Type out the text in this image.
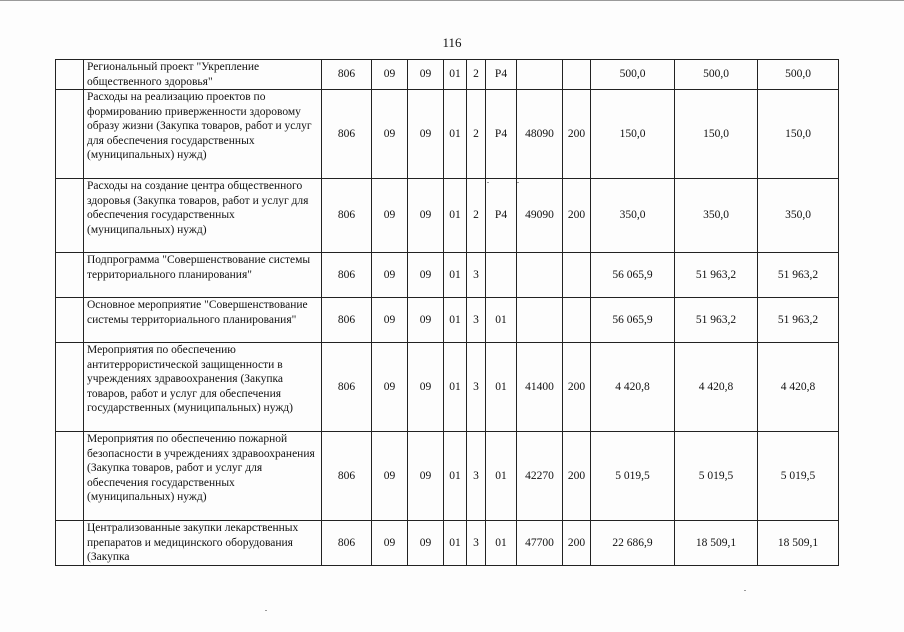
116
	Региональный проект "Укрепление общественного здоровья"	806	09	09	01	2	P4			500,0	500,0	500,0
	Расходы на реализацию проектов по формированию приверженности здоровому образу жизни (Закупка товаров, работ и услуг для обеспечения государственных (муниципальных) нужд)	806	09	09	01	2	P4	48090	200	150,0	150,0	150,0
	Расходы на создание центра общественного здоровья (Закупка товаров, работ и услуг для обеспечения государственных (муниципальных) нужд)	806	09	09	01	2	P4	49090	200	350,0	350,0	350,0
	Подпрограмма "Совершенствование системы территориального планирования"	806	09	09	01	3				56 065,9	51 963,2	51 963,2
	Основное мероприятие "Совершенствование системы территориального планирования"	806	09	09	01	3	01			56 065,9	51 963,2	51 963,2
	Мероприятия по обеспечению антитеррористической защищенности в учреждениях здравоохранения (Закупка товаров, работ и услуг для обеспечения государственных (муниципальных) нужд)	806	09	09	01	3	01	41400	200	4 420,8	4 420,8	4 420,8
	Мероприятия по обеспечению пожарной безопасности в учреждениях здравоохранения (Закупка товаров, работ и услуг для обеспечения государственных (муниципальных) нужд)	806	09	09	01	3	01	42270	200	5 019,5	5 019,5	5 019,5
	Централизованные закупки лекарственных препаратов и медицинского оборудования (Закупка	806	09	09	01	3	01	47700	200	22 686,9	18 509,1	18 509,1
